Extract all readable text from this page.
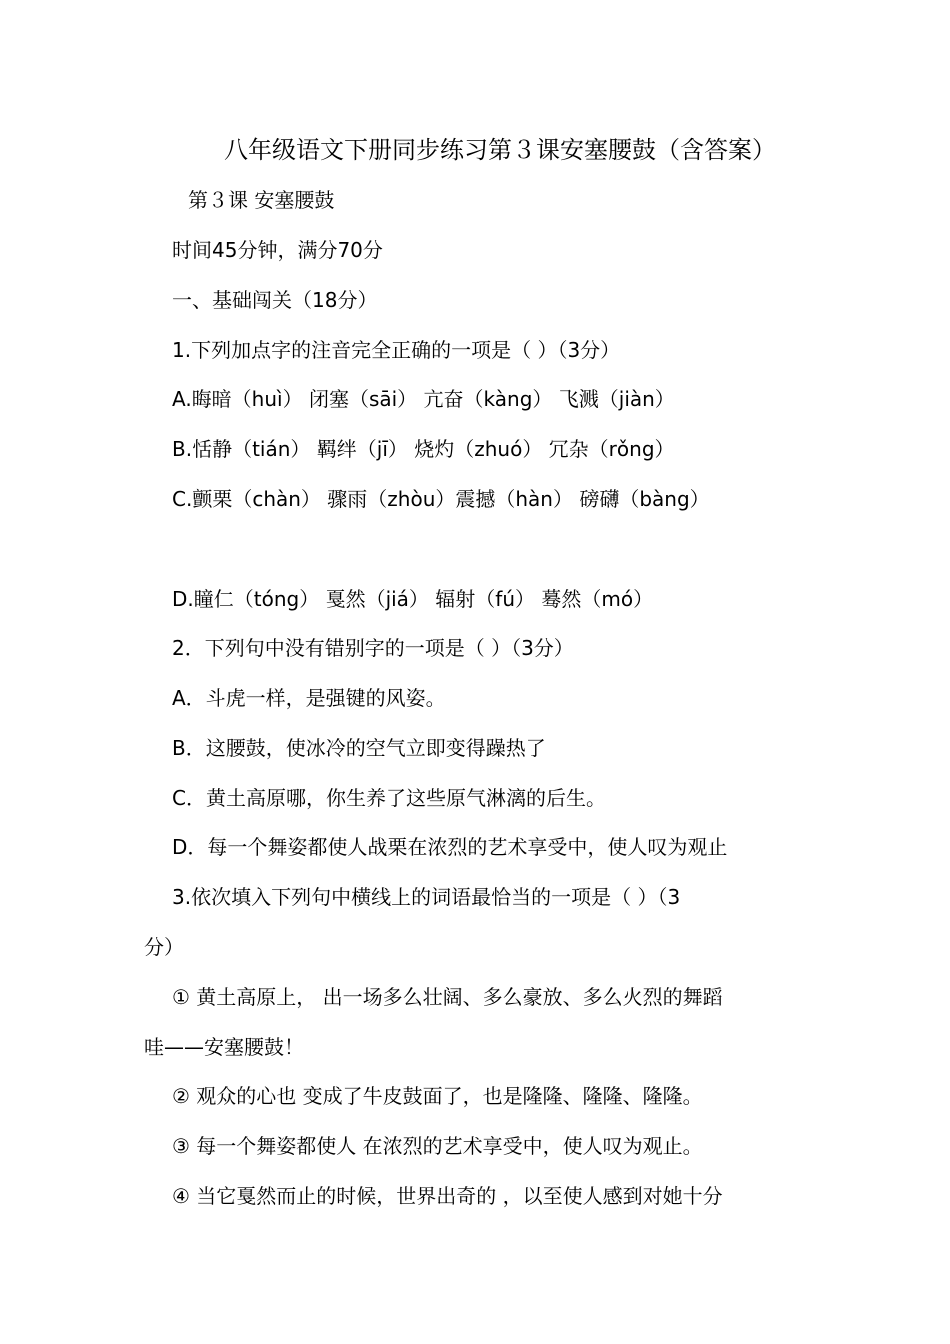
八年级语文下册同步练习第３课安塞腰鼓（含答案）
第３课 安塞腰鼓
时间45分钟，满分70分
一、基础闯关（18分）
1.下列加点字的注音完全正确的一项是（ ）（3分）
A.晦暗（huì） 闭塞（sāi） 亢奋（kàng） 飞溅（jiàn）
B.恬静（tián） 羁绊（jī） 烧灼（zhuó） 冗杂（rǒng）
C.颤栗（chàn） 骤雨（zhòu）震撼（hàn） 磅礴（bàng）
D.瞳仁（tóng） 戛然（jiá） 辐射（fú） 蓦然（mó）
2．下列句中没有错别字的一项是（ ）（3分）
A．斗虎一样，是强键的风姿。
B．这腰鼓，使冰冷的空气立即变得躁热了
C．黄土高原哪，你生养了这些原气淋漓的后生。
D．每一个舞姿都使人战栗在浓烈的艺术享受中，使人叹为观止
3.依次填入下列句中横线上的词语最恰当的一项是（ ）（3
分）
① 黄土高原上， 出一场多么壮阔、多么豪放、多么火烈的舞蹈
哇——安塞腰鼓！
② 观众的心也 变成了牛皮鼓面了，也是隆隆、隆隆、隆隆。
③ 每一个舞姿都使人 在浓烈的艺术享受中，使人叹为观止。
④ 当它戛然而止的时候，世界出奇的 ，以至使人感到对她十分
